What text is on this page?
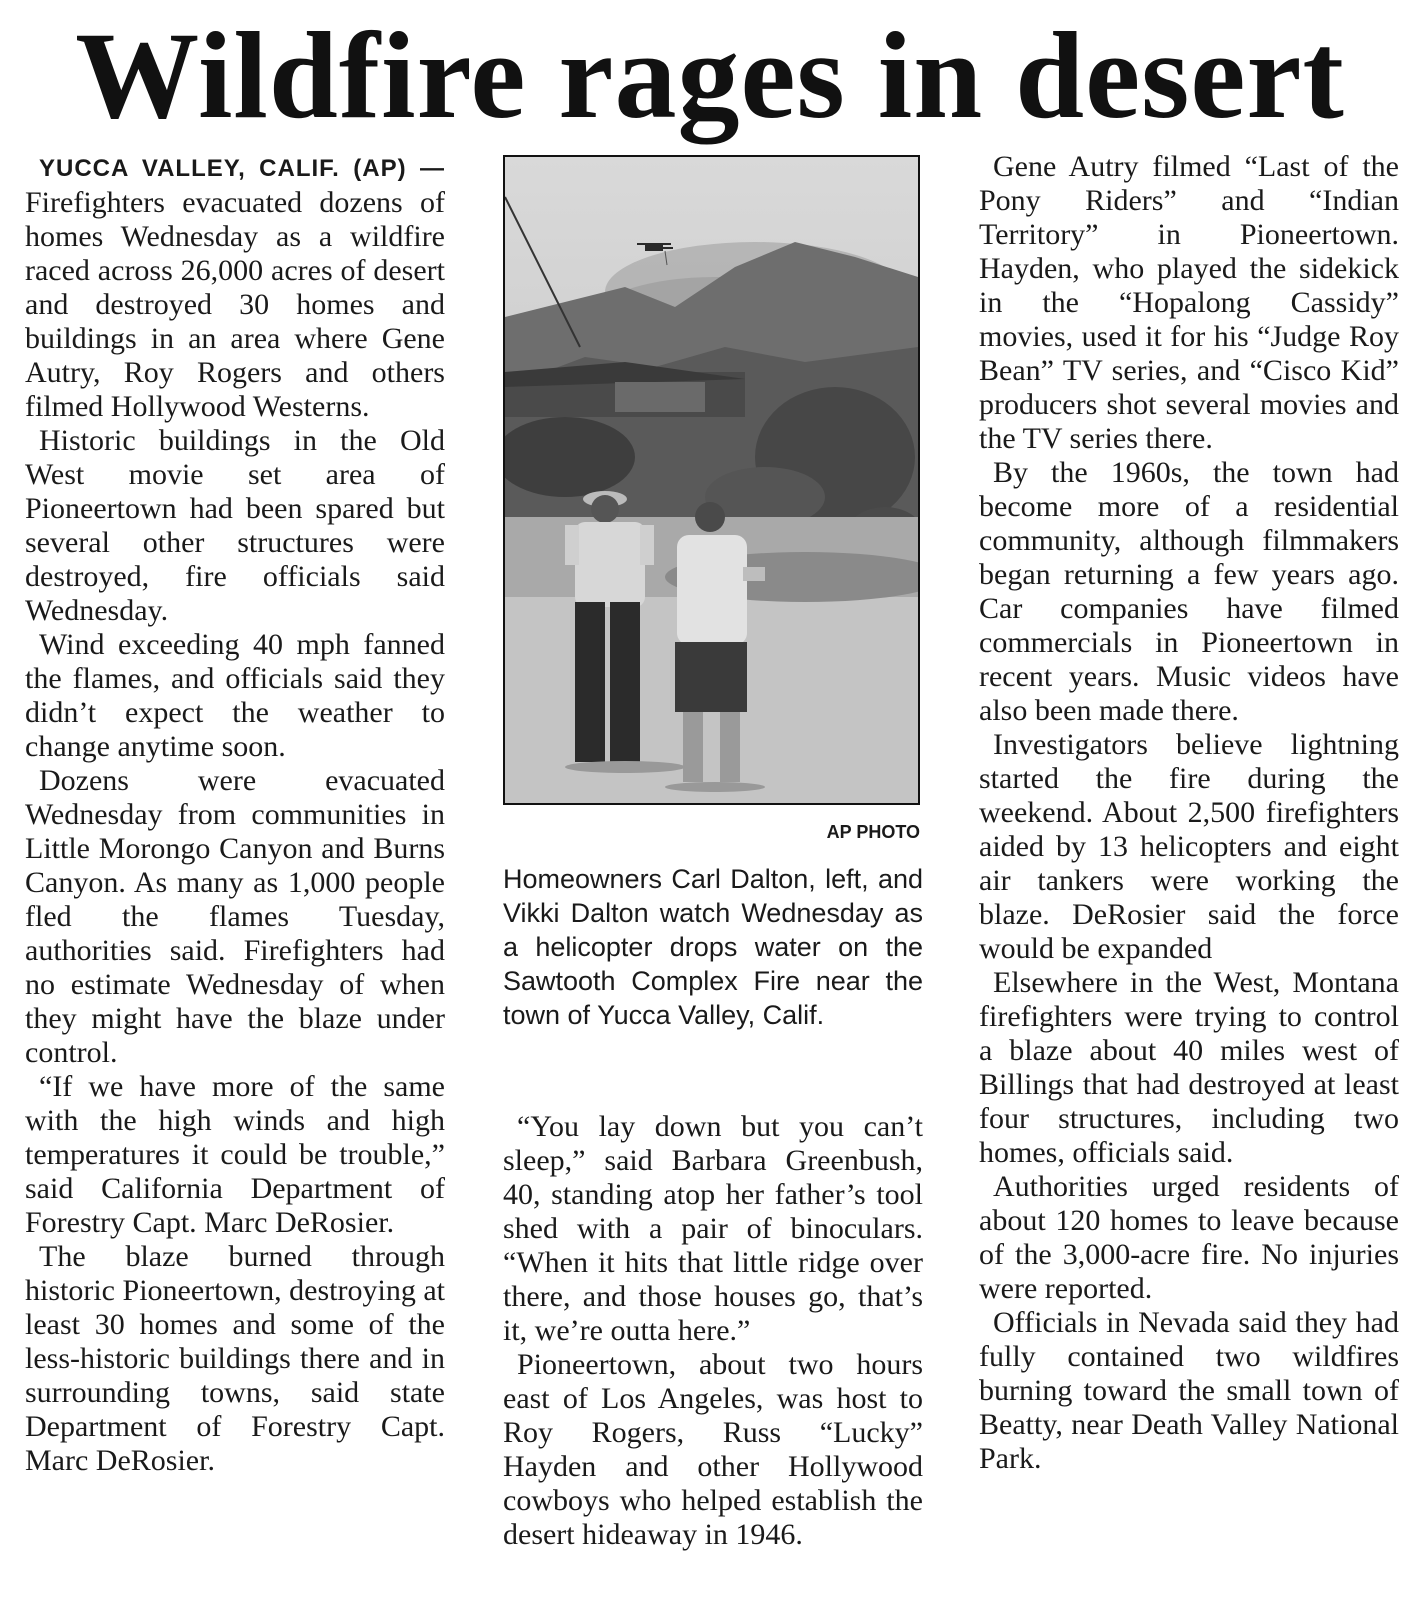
Wildfire rages in desert

YUCCA VALLEY, CALIF. (AP) — Firefighters evacuated dozens of homes Wednesday as a wildfire raced across 26,000 acres of desert and destroyed 30 homes and buildings in an area where Gene Autry, Roy Rogers and others filmed Hollywood Westerns.

Historic buildings in the Old West movie set area of Pioneertown had been spared but several other structures were destroyed, fire officials said Wednesday.

Wind exceeding 40 mph fanned the flames, and officials said they didn’t expect the weather to change anytime soon.

Dozens were evacuated Wednesday from communities in Little Morongo Canyon and Burns Canyon. As many as 1,000 people fled the flames Tuesday, authorities said. Firefighters had no estimate Wednesday of when they might have the blaze under control.

“If we have more of the same with the high winds and high temperatures it could be trouble,” said California Department of Forestry Capt. Marc DeRosier.

The blaze burned through historic Pioneertown, destroying at least 30 homes and some of the less-historic buildings there and in surrounding towns, said state Department of Forestry Capt. Marc DeRosier.

AP PHOTO
Homeowners Carl Dalton, left, and Vikki Dalton watch Wednesday as a helicopter drops water on the Sawtooth Complex Fire near the town of Yucca Valley, Calif.

“You lay down but you can’t sleep,” said Barbara Greenbush, 40, standing atop her father’s tool shed with a pair of binoculars. “When it hits that little ridge over there, and those houses go, that’s it, we’re outta here.”

Pioneertown, about two hours east of Los Angeles, was host to Roy Rogers, Russ “Lucky” Hayden and other Hollywood cowboys who helped establish the desert hideaway in 1946.

Gene Autry filmed “Last of the Pony Riders” and “Indian Territory” in Pioneertown. Hayden, who played the sidekick in the “Hopalong Cassidy” movies, used it for his “Judge Roy Bean” TV series, and “Cisco Kid” producers shot several movies and the TV series there.

By the 1960s, the town had become more of a residential community, although filmmakers began returning a few years ago. Car companies have filmed commercials in Pioneertown in recent years. Music videos have also been made there.

Investigators believe lightning started the fire during the weekend. About 2,500 firefighters aided by 13 helicopters and eight air tankers were working the blaze. DeRosier said the force would be expanded

Elsewhere in the West, Montana firefighters were trying to control a blaze about 40 miles west of Billings that had destroyed at least four structures, including two homes, officials said.

Authorities urged residents of about 120 homes to leave because of the 3,000-acre fire. No injuries were reported.

Officials in Nevada said they had fully contained two wildfires burning toward the small town of Beatty, near Death Valley National Park.
